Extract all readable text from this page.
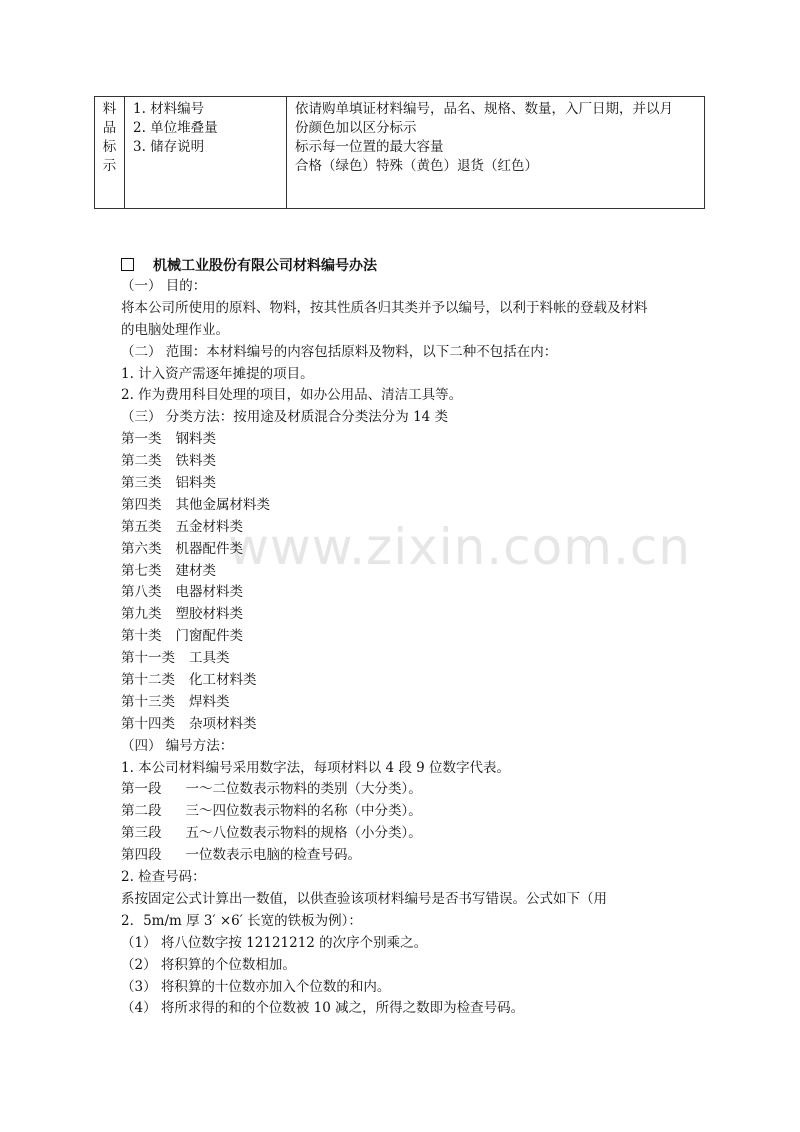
料
品
标
示
1. 材料编号
2. 单位堆叠量
3. 储存说明
依请购单填证材料编号，品名、规格、数量，入厂日期，并以月
份颜色加以区分标示
标示每一位置的最大容量
合格（绿色）特殊（黄色）退货（红色）
机械工业股份有限公司材料编号办法
www.zixin.com.cn
（一） 目的：
将本公司所使用的原料、物料，按其性质各归其类并予以编号，以利于料帐的登载及材料
的电脑处理作业。
（二） 范围：本材料编号的内容包括原料及物料，以下二种不包括在内：
1. 计入资产需逐年摊提的项目。
2. 作为费用科目处理的项目，如办公用品、清洁工具等。
（三） 分类方法：按用途及材质混合分类法分为 14 类
第一类 钢料类
第二类 铁料类
第三类 铝料类
第四类 其他金属材料类
第五类 五金材料类
第六类 机器配件类
第七类 建材类
第八类 电器材料类
第九类 塑胶材料类
第十类 门窗配件类
第十一类 工具类
第十二类 化工材料类
第十三类 焊料类
第十四类 杂项材料类
（四） 编号方法：
1. 本公司材料编号采用数字法，每项材料以 4 段 9 位数字代表。
第一段 一～二位数表示物料的类别（大分类）。
第二段 三～四位数表示物料的名称（中分类）。
第三段 五～八位数表示物料的规格（小分类）。
第四段 一位数表示电脑的检查号码。
2. 检查号码：
系按固定公式计算出一数值，以供查验该项材料编号是否书写错误。公式如下（用
2．5m/m 厚 3′ ×6′ 长宽的铁板为例）：
（1） 将八位数字按 12121212 的次序个别乘之。
（2） 将积算的个位数相加。
（3） 将积算的十位数亦加入个位数的和内。
（4） 将所求得的和的个位数被 10 减之，所得之数即为检查号码。
